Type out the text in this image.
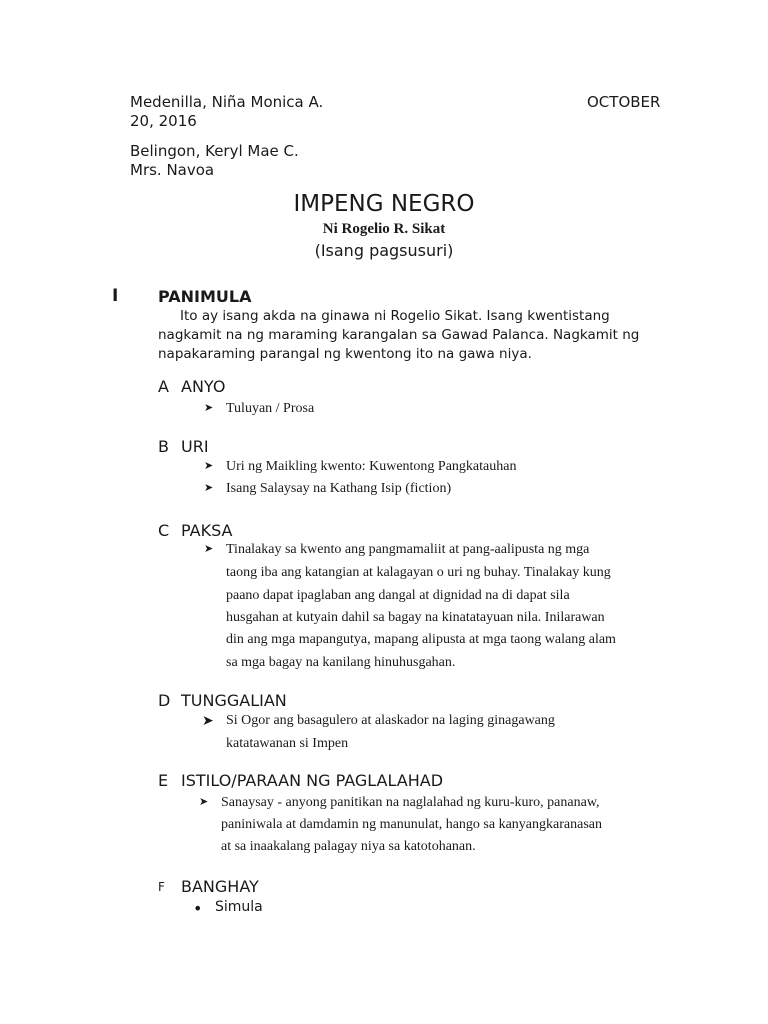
Medenilla, Niña Monica A.	OCTOBER
20, 2016
Belingon, Keryl Mae C.
Mrs. Navoa
IMPENG NEGRO
Ni Rogelio R. Sikat
(Isang pagsusuri)
I PANIMULA
Ito ay isang akda na ginawa ni Rogelio Sikat. Isang kwentistang
nagkamit na ng maraming karangalan sa Gawad Palanca. Nagkamit ng
napakaraming parangal ng kwentong ito na gawa niya.
A ANYO
➤ Tuluyan / Prosa
B URI
➤ Uri ng Maikling kwento: Kuwentong Pangkatauhan
➤ Isang Salaysay na Kathang Isip (fiction)
C PAKSA
➤ Tinalakay sa kwento ang pangmamaliit at pang-aalipusta ng mga
taong iba ang katangian at kalagayan o uri ng buhay. Tinalakay kung
paano dapat ipaglaban ang dangal at dignidad na di dapat sila
husgahan at kutyain dahil sa bagay na kinatatayuan nila. Inilarawan
din ang mga mapangutya, mapang alipusta at mga taong walang alam
sa mga bagay na kanilang hinuhusgahan.
D TUNGGALIAN
➤ Si Ogor ang basagulero at alaskador na laging ginagawang
katatawanan si Impen
E ISTILO/PARAAN NG PAGLALAHAD
➤ Sanaysay - anyong panitikan na naglalahad ng kuru-kuro, pananaw,
paniniwala at damdamin ng manunulat, hango sa kanyangkaranasan
at sa inaakalang palagay niya sa katotohanan.
F BANGHAY
• Simula
